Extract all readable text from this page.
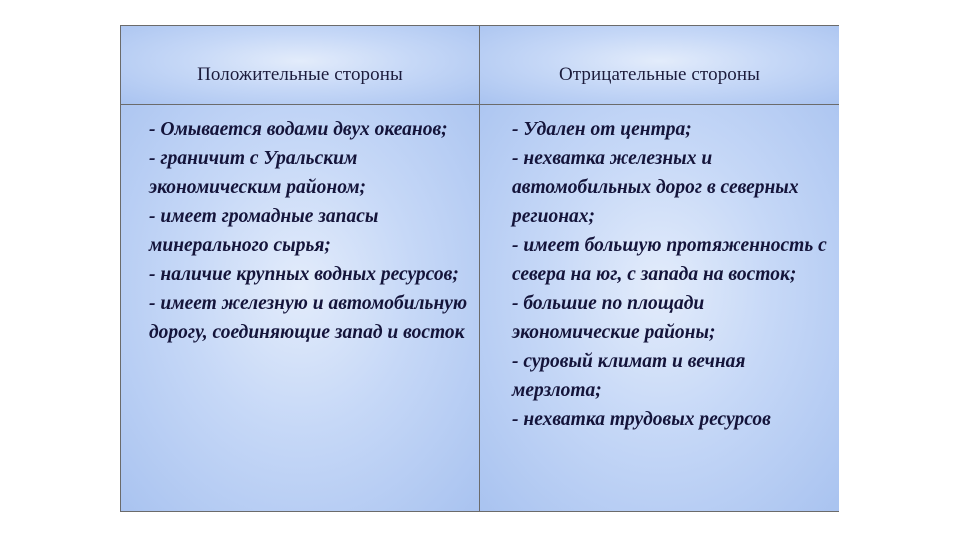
Положительные стороны	Отрицательные стороны
- Омывается водами двух океанов;
- граничит с Уральским экономическим районом;
- имеет громадные запасы минерального сырья;
- наличие крупных водных ресурсов;
- имеет железную и автомобильную дорогу, соединяющие запад и восток
- Удален от центра;
- нехватка железных и автомобильных дорог в северных регионах;
- имеет большую протяженность с севера на юг, с запада на восток;
- большие по площади экономические районы;
- суровый климат и вечная мерзлота;
- нехватка трудовых ресурсов
